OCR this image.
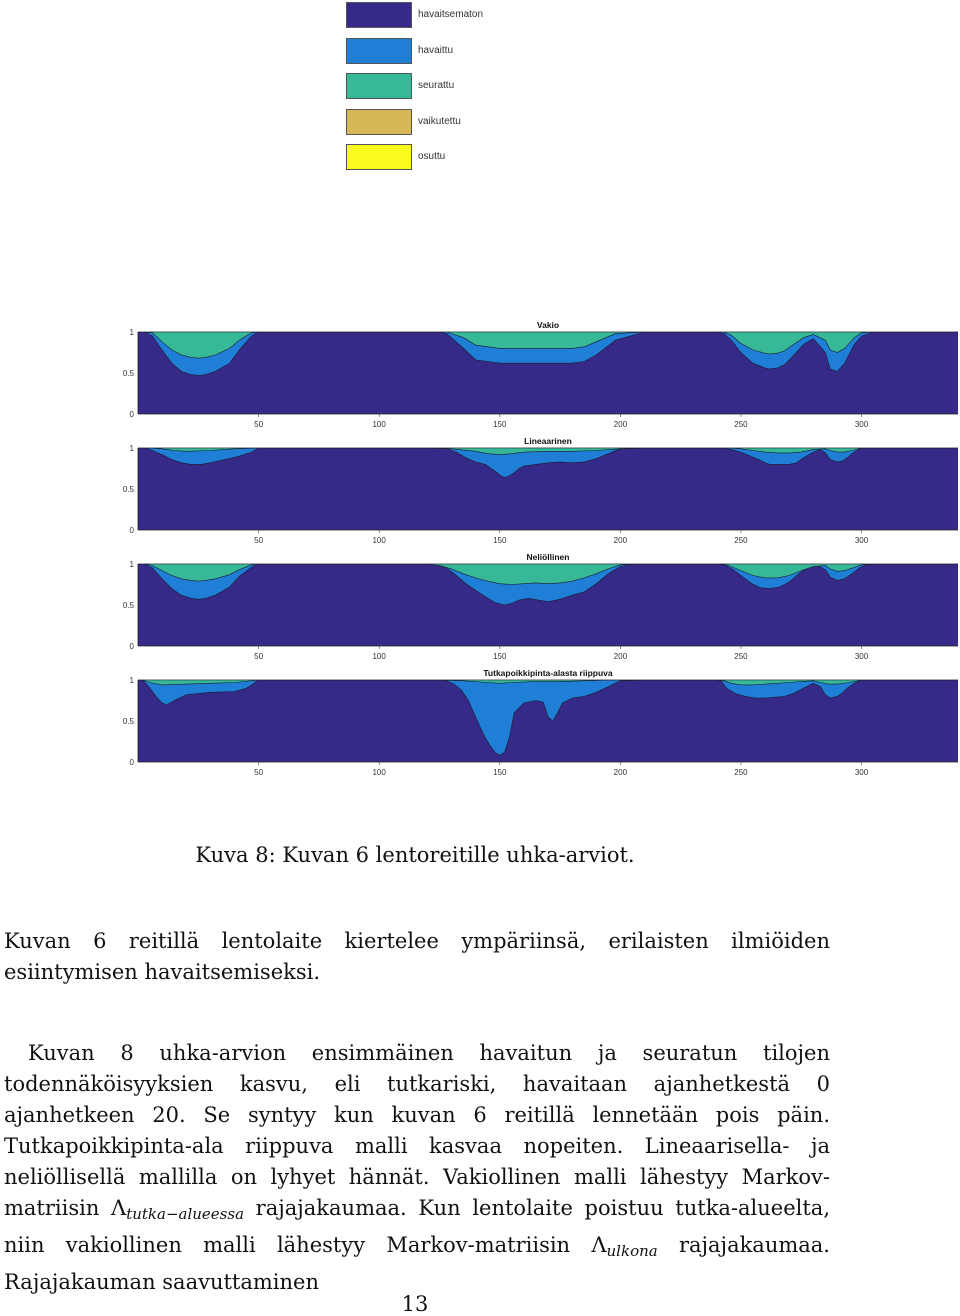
havaitsematon
havaittu
seurattu
vaikutettu
osuttu
Vakio
0
0.5
1
50	100	150	200	250	300
Lineaarinen
0
0.5
1
50	100	150	200	250	300
Neliöllinen
0
0.5
1
50	100	150	200	250	300
Tutkapoikkipinta-alasta riippuva
0
0.5
1
50	100	150	200	250	300
Kuva 8: Kuvan 6 lentoreitille uhka-arviot.

Kuvan 6 reitillä lentolaite kiertelee ympäriinsä, erilaisten ilmiöiden esiintymisen havaitsemiseksi.

Kuvan 8 uhka-arvion ensimmäinen havaitun ja seuratun tilojen todennäköisyyksien kasvu, eli tutkariski, havaitaan ajanhetkestä 0 ajanhetkeen 20. Se syntyy kun kuvan 6 reitillä lennetään pois päin. Tutkapoikkipinta-ala riippuva malli kasvaa nopeiten. Lineaarisella- ja neliöllisellä mallilla on lyhyet hännät. Vakiollinen malli lähestyy Markov-matriisin $\Lambda_{tutka-alueessa}$ rajajakaumaa. Kun lentolaite poistuu tutka-alueelta, niin vakiollinen malli lähestyy Markov-matriisin $\Lambda_{ulkona}$ rajajakaumaa. Rajajakauman saavuttaminen

13
